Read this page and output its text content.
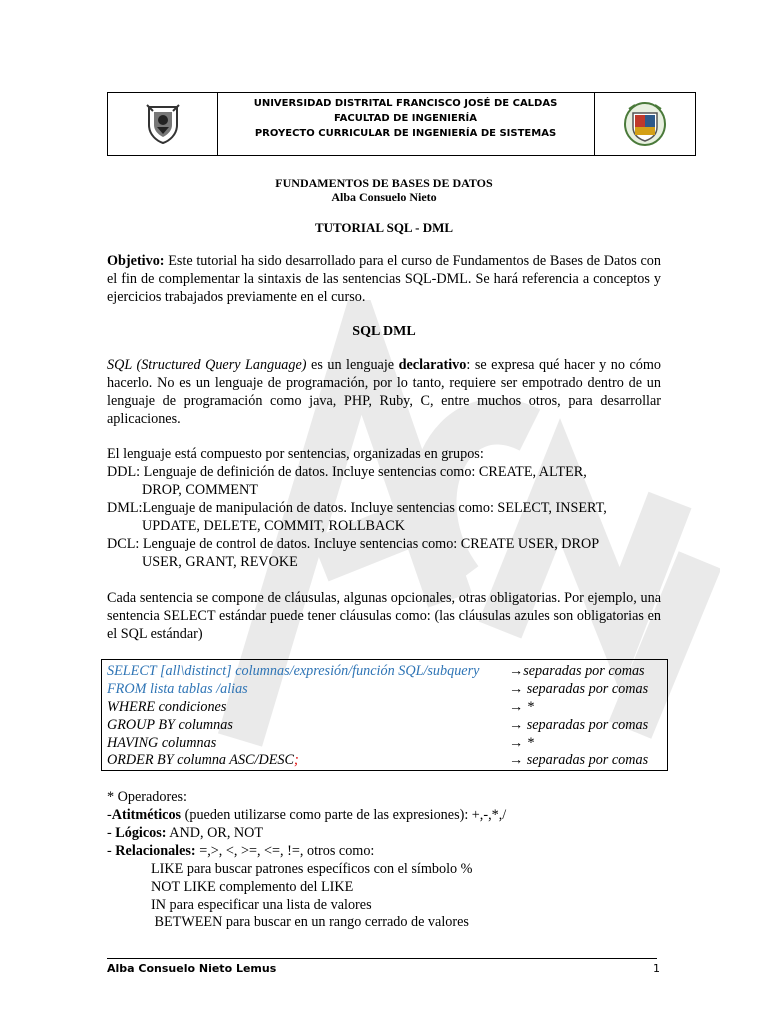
UNIVERSIDAD DISTRITAL FRANCISCO JOSÉ DE CALDAS
FACULTAD DE INGENIERÍA
PROYECTO CURRICULAR DE INGENIERÍA DE SISTEMAS
FUNDAMENTOS DE BASES DE DATOS
Alba Consuelo Nieto
TUTORIAL SQL - DML
Objetivo: Este tutorial ha sido desarrollado para el curso de Fundamentos de Bases de Datos con el fin de complementar la sintaxis de las sentencias SQL-DML. Se hará referencia a conceptos y ejercicios trabajados previamente en el curso.
SQL DML
SQL (Structured Query Language) es un lenguaje declarativo: se expresa qué hacer y no cómo hacerlo. No es un lenguaje de programación, por lo tanto, requiere ser empotrado dentro de un lenguaje de programación como java, PHP, Ruby, C, entre muchos otros, para desarrollar aplicaciones.
El lenguaje está compuesto por sentencias, organizadas en grupos:
DDL: Lenguaje de definición de datos. Incluye sentencias como: CREATE, ALTER,
DROP, COMMENT
DML:Lenguaje de manipulación de datos. Incluye sentencias como: SELECT, INSERT,
UPDATE, DELETE, COMMIT, ROLLBACK
DCL: Lenguaje de control de datos. Incluye sentencias como: CREATE USER, DROP
USER, GRANT, REVOKE
Cada sentencia se compone de cláusulas, algunas opcionales, otras obligatorias. Por ejemplo, una sentencia SELECT estándar puede tener cláusulas como: (las cláusulas azules son obligatorias en el SQL estándar)
SELECT [all\distinct] columnas/expresión/función SQL/subquery →separadas por comas
FROM lista tablas /alias	→ separadas por comas
WHERE condiciones	→ *
GROUP BY columnas	→ separadas por comas
HAVING columnas	→ *
ORDER BY columna ASC/DESC;	→ separadas por comas
* Operadores:
-Atitméticos (pueden utilizarse como parte de las expresiones): +,-,*,/
- Lógicos: AND, OR, NOT
- Relacionales: =,>, <, >=, <=, !=, otros como:
LIKE para buscar patrones específicos con el símbolo %
NOT LIKE complemento del LIKE
IN para especificar una lista de valores
BETWEEN para buscar en un rango cerrado de valores
Alba Consuelo Nieto Lemus	1
